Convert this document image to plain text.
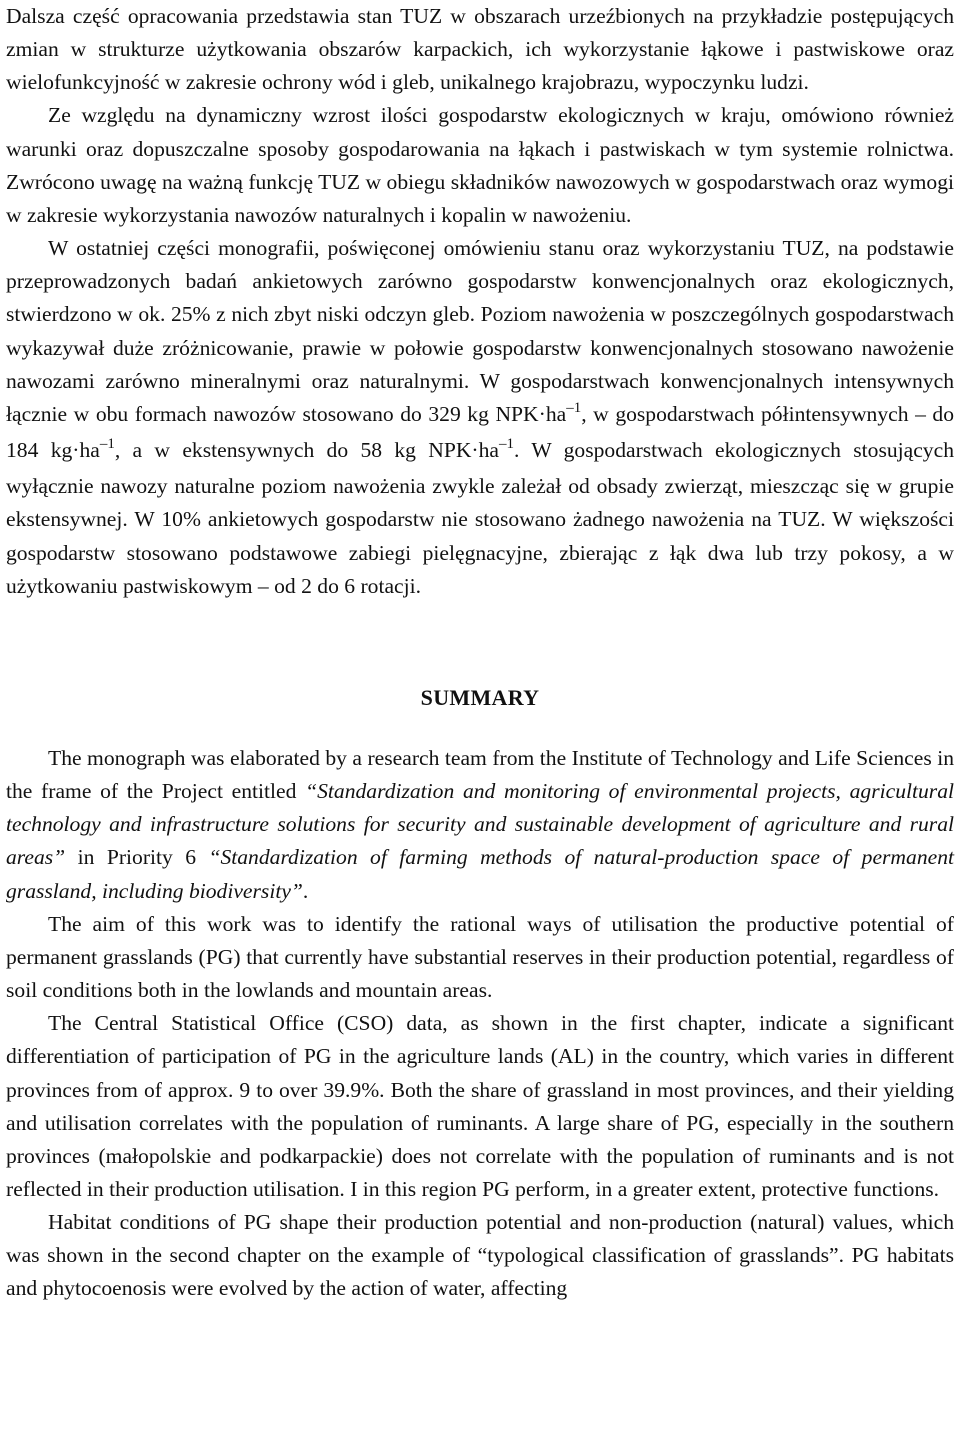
Dalsza część opracowania przedstawia stan TUZ w obszarach urzeźbionych na przykładzie postępujących zmian w strukturze użytkowania obszarów karpackich, ich wykorzystanie łąkowe i pastwiskowe oraz wielofunkcyjność w zakresie ochrony wód i gleb, unikalnego krajobrazu, wypoczynku ludzi.

Ze względu na dynamiczny wzrost ilości gospodarstw ekologicznych w kraju, omówiono również warunki oraz dopuszczalne sposoby gospodarowania na łąkach i pastwiskach w tym systemie rolnictwa. Zwrócono uwagę na ważną funkcję TUZ w obiegu składników nawozowych w gospodarstwach oraz wymogi w zakresie wykorzystania nawozów naturalnych i kopalin w nawożeniu.

W ostatniej części monografii, poświęconej omówieniu stanu oraz wykorzystaniu TUZ, na podstawie przeprowadzonych badań ankietowych zarówno gospodarstw konwencjonalnych oraz ekologicznych, stwierdzono w ok. 25% z nich zbyt niski odczyn gleb. Poziom nawożenia w poszczególnych gospodarstwach wykazywał duże zróżnicowanie, prawie w połowie gospodarstw konwencjonalnych stosowano nawożenie nawozami zarówno mineralnymi oraz naturalnymi. W gospodarstwach konwencjonalnych intensywnych łącznie w obu formach nawozów stosowano do 329 kg $NPK\cdot ha^{-1}$, w gospodarstwach półintensywnych – do 184 $kg\cdot ha^{-1}$, a w ekstensywnych do 58 kg $NPK\cdot ha^{-1}$. W gospodarstwach ekologicznych stosujących wyłącznie nawozy naturalne poziom nawożenia zwykle zależał od obsady zwierząt, mieszcząc się w grupie ekstensywnej. W 10% ankietowych gospodarstw nie stosowano żadnego nawożenia na TUZ. W większości gospodarstw stosowano podstawowe zabiegi pielęgnacyjne, zbierając z łąk dwa lub trzy pokosy, a w użytkowaniu pastwiskowym – od 2 do 6 rotacji.

SUMMARY

The monograph was elaborated by a research team from the Institute of Technology and Life Sciences in the frame of the Project entitled “Standardization and monitoring of environmental projects, agricultural technology and infrastructure solutions for security and sustainable development of agriculture and rural areas” in Priority 6 “Standardization of farming methods of natural-production space of permanent grassland, including biodiversity”.

The aim of this work was to identify the rational ways of utilisation the productive potential of permanent grasslands (PG) that currently have substantial reserves in their production potential, regardless of soil conditions both in the lowlands and mountain areas.

The Central Statistical Office (CSO) data, as shown in the first chapter, indicate a significant differentiation of participation of PG in the agriculture lands (AL) in the country, which varies in different provinces from of approx. 9 to over 39.9%. Both the share of grassland in most provinces, and their yielding and utilisation correlates with the population of ruminants. A large share of PG, especially in the southern provinces (małopolskie and podkarpackie) does not correlate with the population of ruminants and is not reflected in their production utilisation. I in this region PG perform, in a greater extent, protective functions.

Habitat conditions of PG shape their production potential and non-production (natural) values, which was shown in the second chapter on the example of “typological classification of grasslands”. PG habitats and phytocoenosis were evolved by the action of water, affecting
